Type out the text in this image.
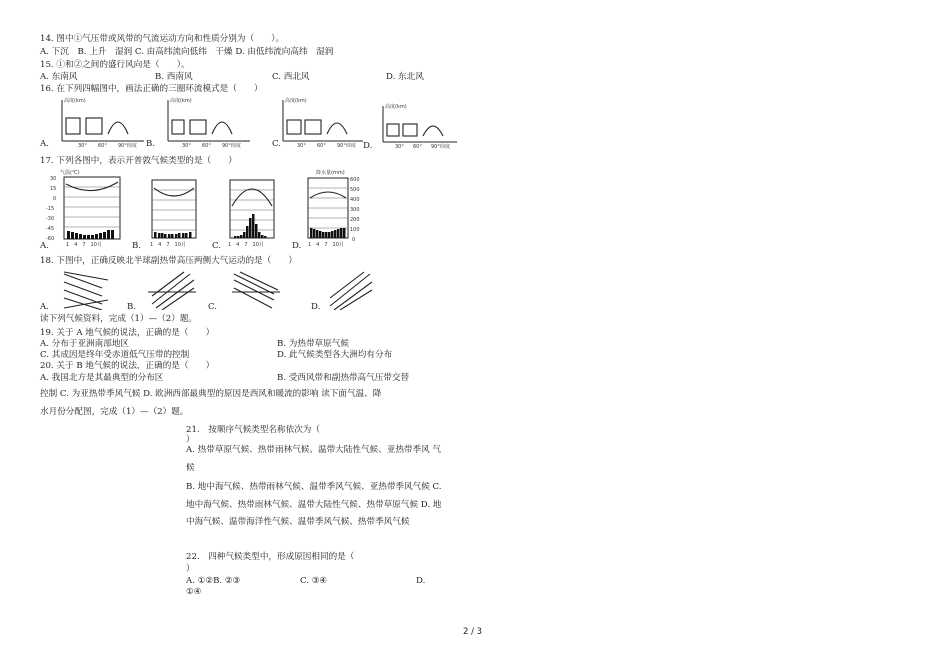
14. 图中①气压带或风带的气流运动方向和性质分别为（　　）。
A. 下沉　B. 上升　湿润 C. 由高纬流向低纬　干燥 D. 由低纬流向高纬　湿润
15. ①和②之间的盛行风向是（　　）。
A. 东南风	B. 西南风	C. 西北风	D. 东北风
16. 在下列四幅图中，画法正确的三圈环流模式是（　　）
高度(km)
30° 60° 90°纬度
A.
高度(km)
30° 60° 90°纬度
B.
高度(km)
30° 60° 90°纬度
C.
高度(km)
30° 60° 90°纬度
D.
17. 下列各图中，表示开普敦气候类型的是（　　）
气温(℃)
30
15
0
-15
-30
-45
-60
1　4　7　10月
A.	1　4　7　10月
B.	1　4　7　10月
C.
降水量(mm)
600
500
400
300
200
100
0
1　4　7　10月
D.
18. 下图中，正确反映北半球副热带高压两侧大气运动的是（　　）
A.	B.	C.	D.
读下列气候资料，完成（1）—（2）题。
19. 关于 A 地气候的说法，正确的是（　　）
A. 分布于亚洲南部地区	B. 为热带草原气候
C. 其成因是终年受赤道低气压带的控制	D. 此气候类型各大洲均有分布
20. 关于 B 地气候的说法，正确的是（　　）
A. 我国北方是其最典型的分布区	B. 受西风带和副热带高气压带交替
控制 C. 为亚热带季风气候 D. 欧洲西部最典型的原因是西风和暖流的影响 读下面气温、降
水月份分配图，完成（1）—（2）题。
21.　按顺序气候类型名称依次为（
）
A. 热带草原气候、热带雨林气候、温带大陆性气候、亚热带季风 气候
B. 地中海气候、热带雨林气候、温带季风气候、亚热带季风气候 C. 地中海气候、热带雨林气候、温带大陆性气候、热带草原气候 D. 地中海气候、温带海洋性气候、温带季风气候、热带季风气候
22.　四种气候类型中，形成原因相同的是（
）
A. ①②B. ②③	C. ③④	D.
①④
2 / 3
